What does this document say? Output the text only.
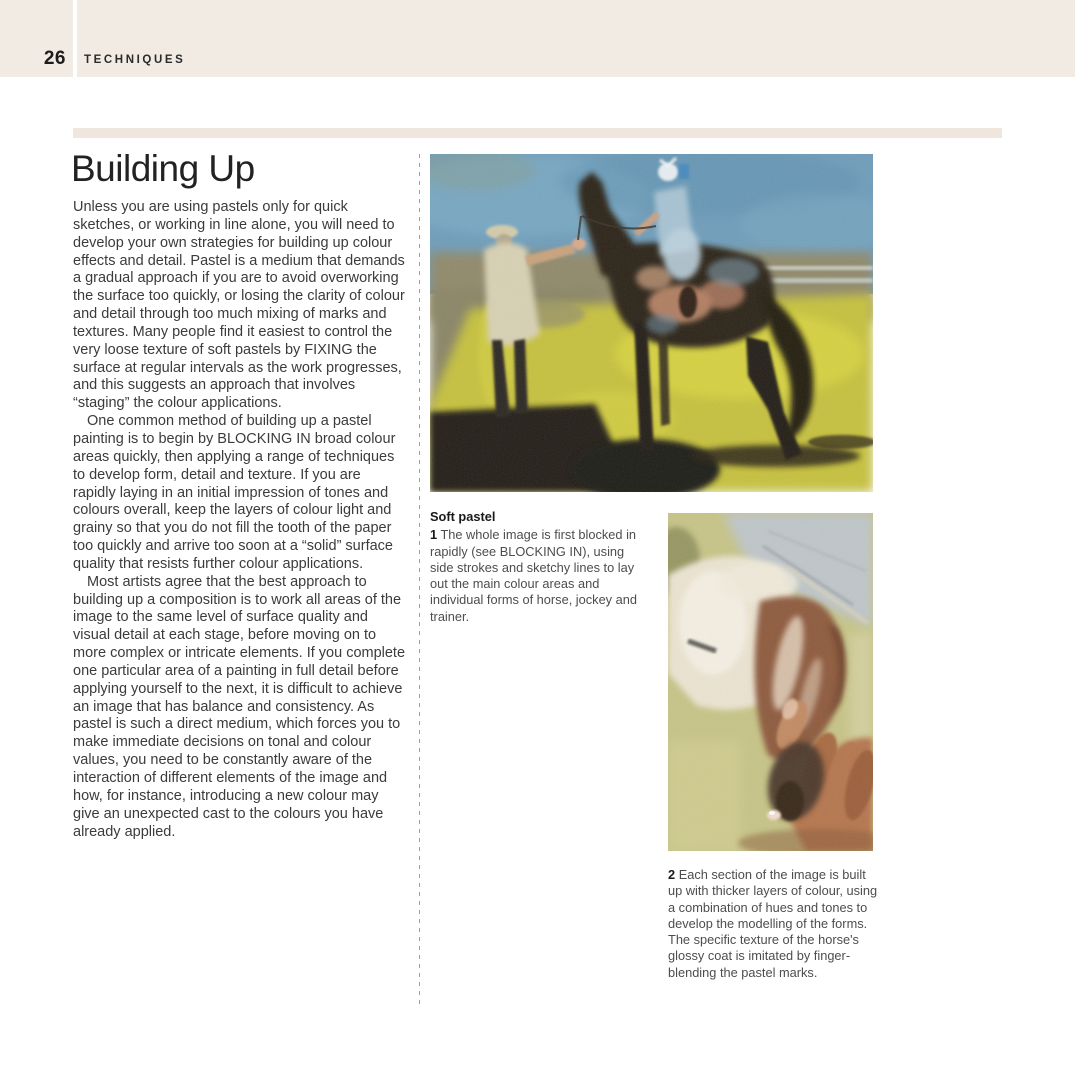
26 TECHNIQUES
Building Up

Unless you are using pastels only for quick sketches, or working in line alone, you will need to develop your own strategies for building up colour effects and detail. Pastel is a medium that demands a gradual approach if you are to avoid overworking the surface too quickly, or losing the clarity of colour and detail through too much mixing of marks and textures. Many people find it easiest to control the very loose texture of soft pastels by FIXING the surface at regular intervals as the work progresses, and this suggests an approach that involves “staging” the colour applications.

One common method of building up a pastel painting is to begin by BLOCKING IN broad colour areas quickly, then applying a range of techniques to develop form, detail and texture. If you are rapidly laying in an initial impression of tones and colours overall, keep the layers of colour light and grainy so that you do not fill the tooth of the paper too quickly and arrive too soon at a “solid” surface quality that resists further colour applications.

Most artists agree that the best approach to building up a composition is to work all areas of the image to the same level of surface quality and visual detail at each stage, before moving on to more complex or intricate elements. If you complete one particular area of a painting in full detail before applying yourself to the next, it is difficult to achieve an image that has balance and consistency. As pastel is such a direct medium, which forces you to make immediate decisions on tonal and colour values, you need to be constantly aware of the interaction of different elements of the image and how, for instance, introducing a new colour may give an unexpected cast to the colours you have already applied.

Soft pastel

1 The whole image is first blocked in rapidly (see BLOCKING IN), using side strokes and sketchy lines to lay out the main colour areas and individual forms of horse, jockey and trainer.

2 Each section of the image is built up with thicker layers of colour, using a combination of hues and tones to develop the modelling of the forms. The specific texture of the horse's glossy coat is imitated by finger-blending the pastel marks.
